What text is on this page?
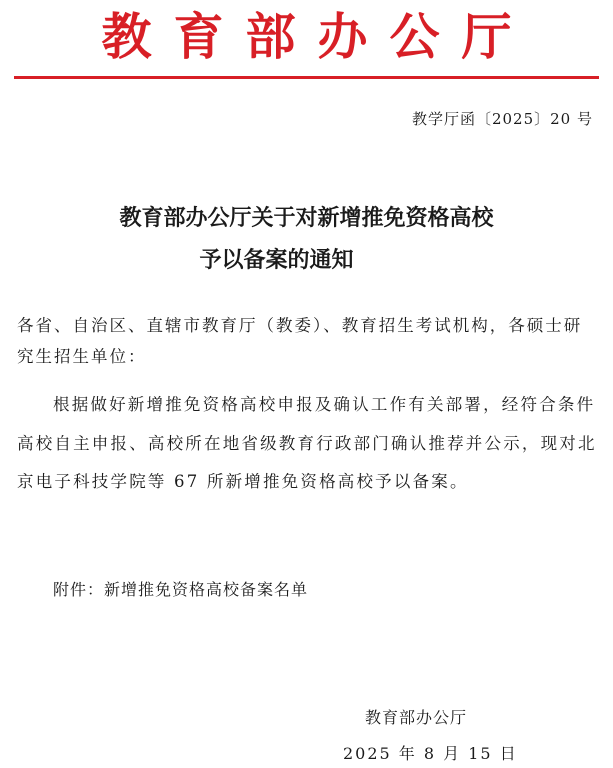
教育部办公厅
教学厅函〔2025〕20 号
教育部办公厅关于对新增推免资格高校
予以备案的通知
各省、自治区、直辖市教育厅（教委）、教育招生考试机构，各硕士研究生招生单位：
根据做好新增推免资格高校申报及确认工作有关部署，经符合条件高校自主申报、高校所在地省级教育行政部门确认推荐并公示，现对北京电子科技学院等 67 所新增推免资格高校予以备案。
附件：新增推免资格高校备案名单
教育部办公厅
2025 年 8 月 15 日
